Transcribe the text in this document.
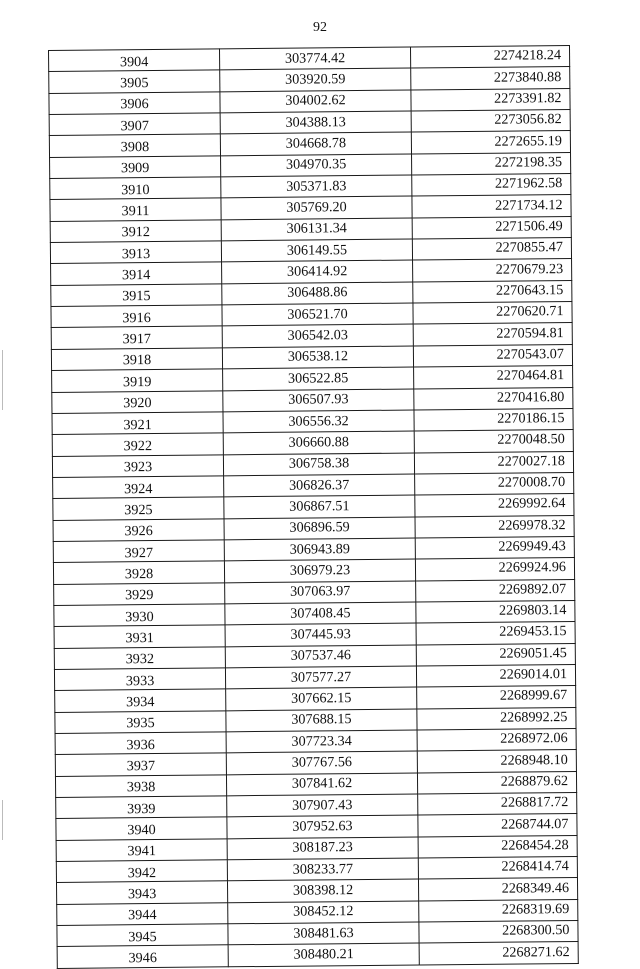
92
3904	303774.42	2274218.24
3905	303920.59	2273840.88
3906	304002.62	2273391.82
3907	304388.13	2273056.82
3908	304668.78	2272655.19
3909	304970.35	2272198.35
3910	305371.83	2271962.58
3911	305769.20	2271734.12
3912	306131.34	2271506.49
3913	306149.55	2270855.47
3914	306414.92	2270679.23
3915	306488.86	2270643.15
3916	306521.70	2270620.71
3917	306542.03	2270594.81
3918	306538.12	2270543.07
3919	306522.85	2270464.81
3920	306507.93	2270416.80
3921	306556.32	2270186.15
3922	306660.88	2270048.50
3923	306758.38	2270027.18
3924	306826.37	2270008.70
3925	306867.51	2269992.64
3926	306896.59	2269978.32
3927	306943.89	2269949.43
3928	306979.23	2269924.96
3929	307063.97	2269892.07
3930	307408.45	2269803.14
3931	307445.93	2269453.15
3932	307537.46	2269051.45
3933	307577.27	2269014.01
3934	307662.15	2268999.67
3935	307688.15	2268992.25
3936	307723.34	2268972.06
3937	307767.56	2268948.10
3938	307841.62	2268879.62
3939	307907.43	2268817.72
3940	307952.63	2268744.07
3941	308187.23	2268454.28
3942	308233.77	2268414.74
3943	308398.12	2268349.46
3944	308452.12	2268319.69
3945	308481.63	2268300.50
3946	308480.21	2268271.62
